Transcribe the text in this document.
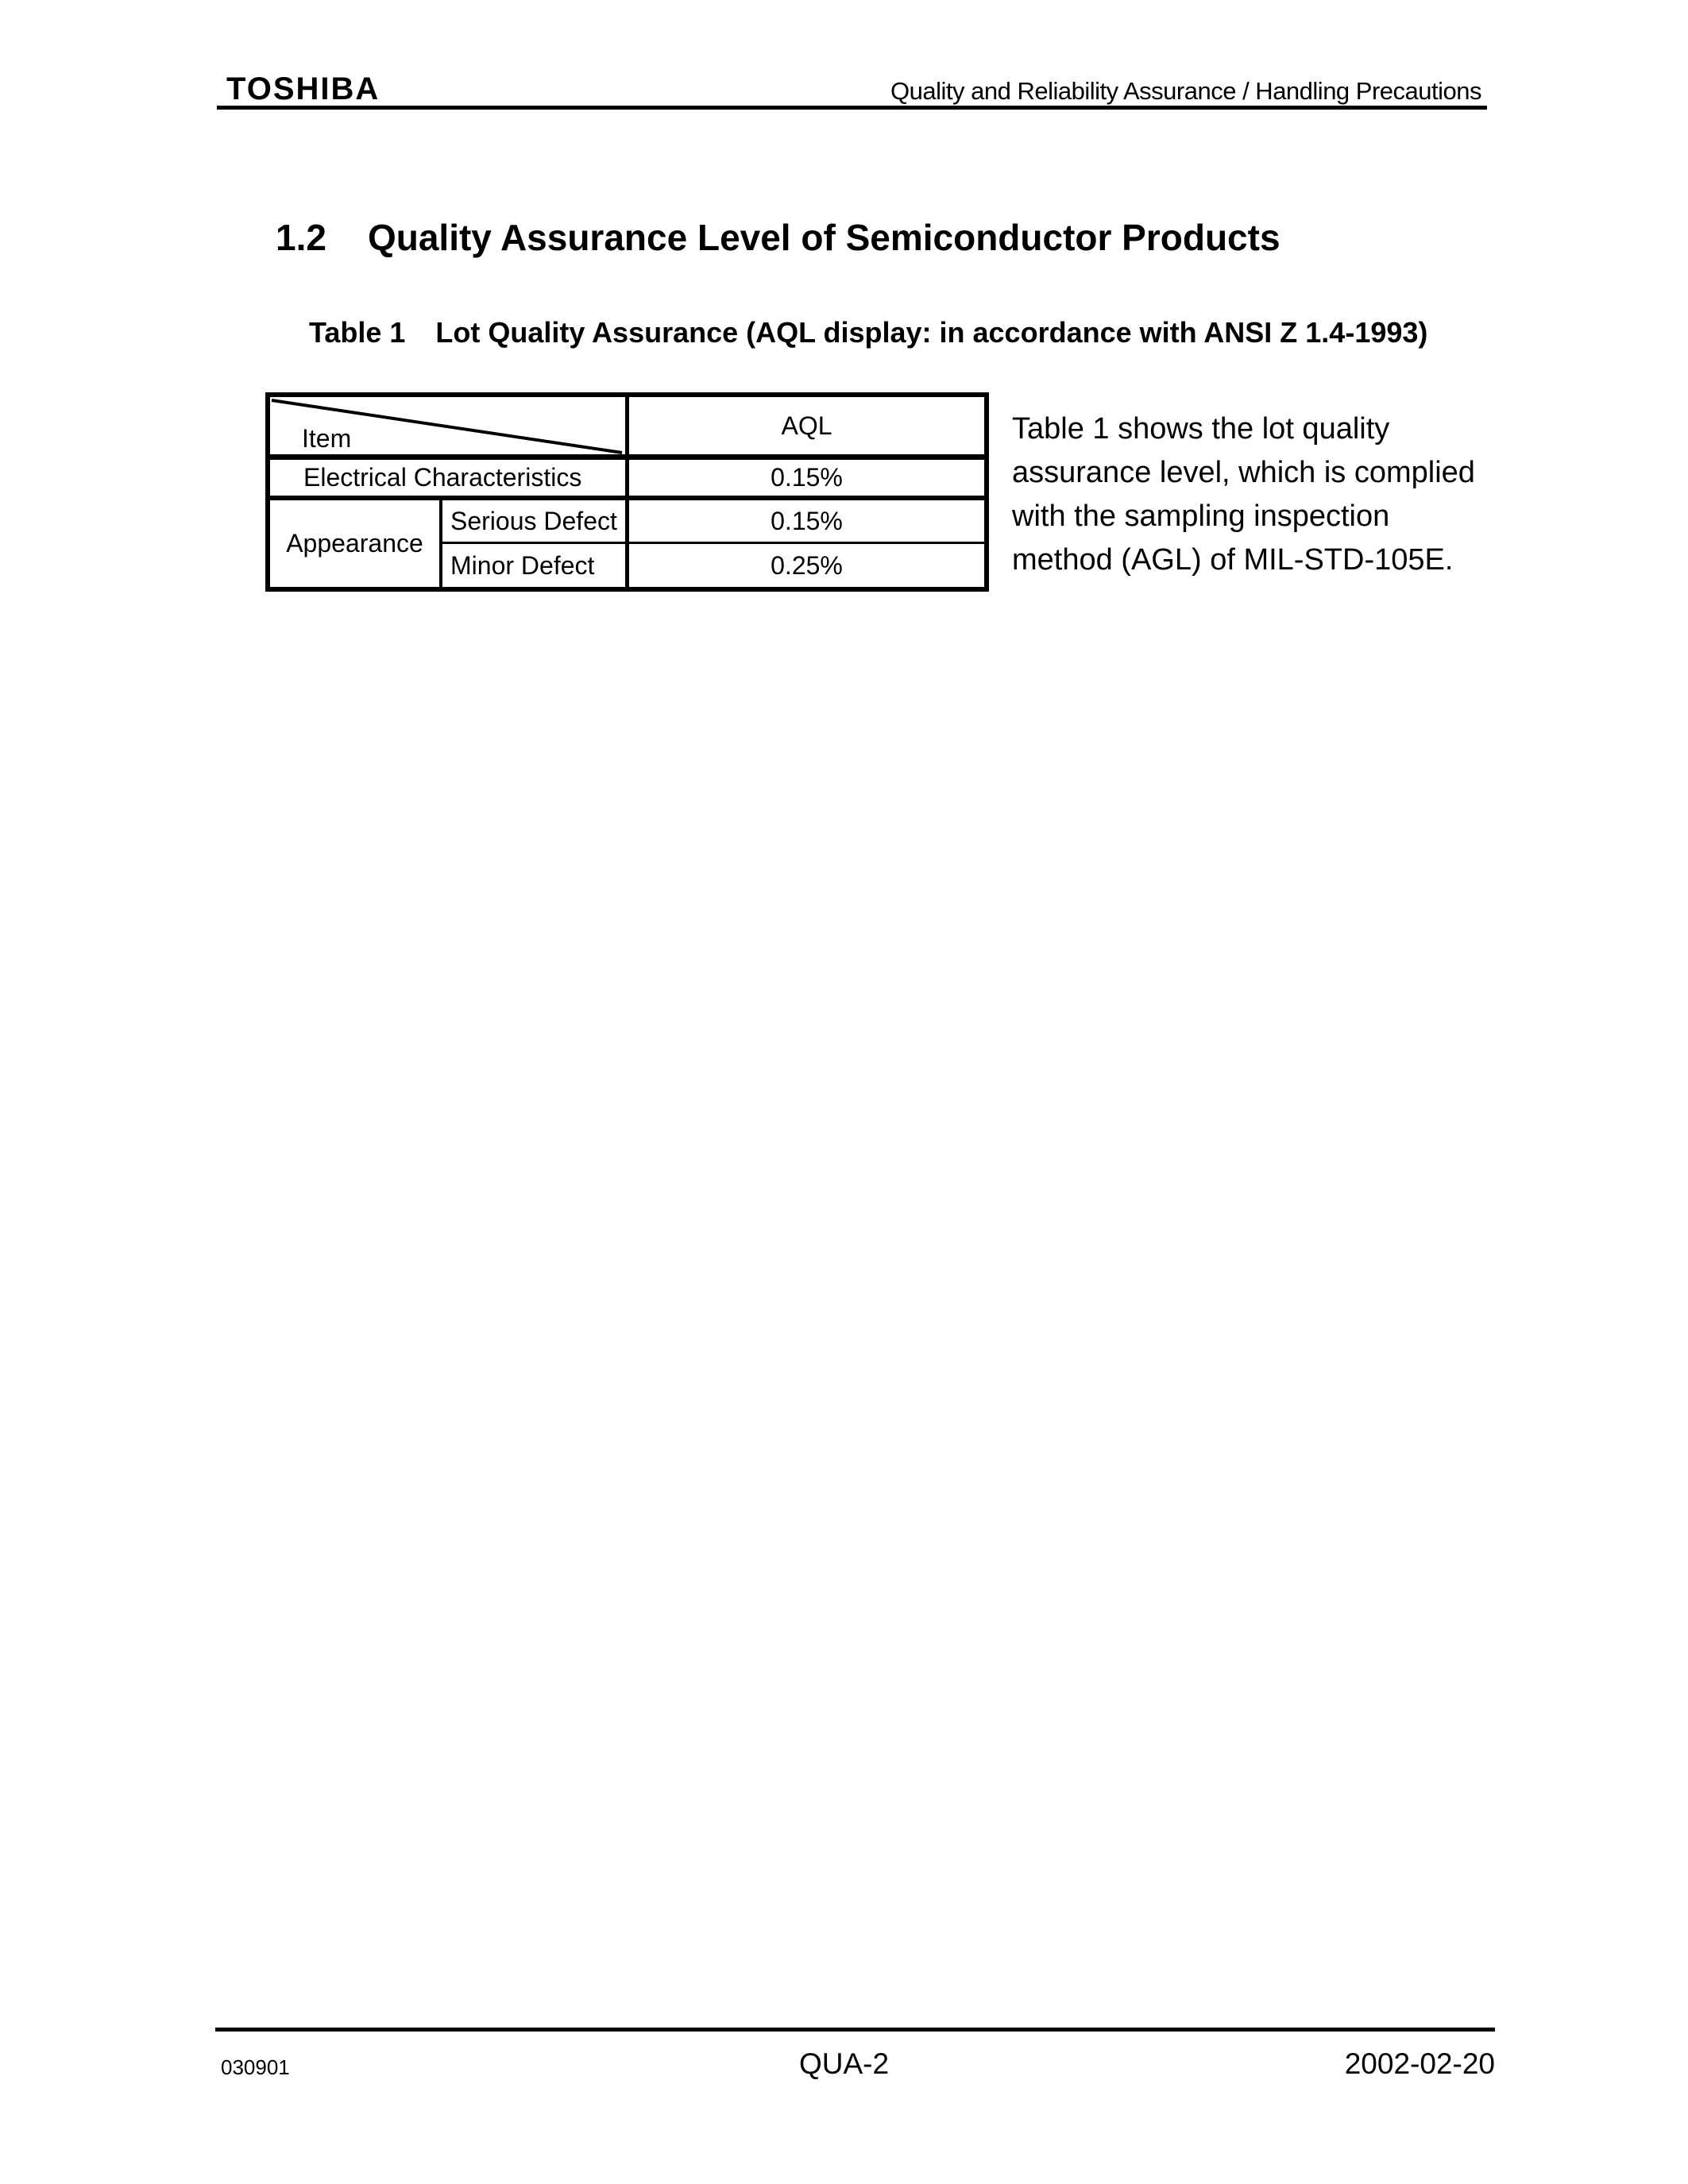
TOSHIBA	Quality and Reliability Assurance / Handling Precautions
1.2 Quality Assurance Level of Semiconductor Products
Table 1 Lot Quality Assurance (AQL display: in accordance with ANSI Z 1.4-1993)
Item	AQL
Electrical Characteristics	0.15%
Appearance
Serious Defect	0.15%
Minor Defect	0.25%
Table 1 shows the lot quality
assurance level, which is complied
with the sampling inspection
method (AGL) of MIL-STD-105E.
030901	QUA-2	2002-02-20
